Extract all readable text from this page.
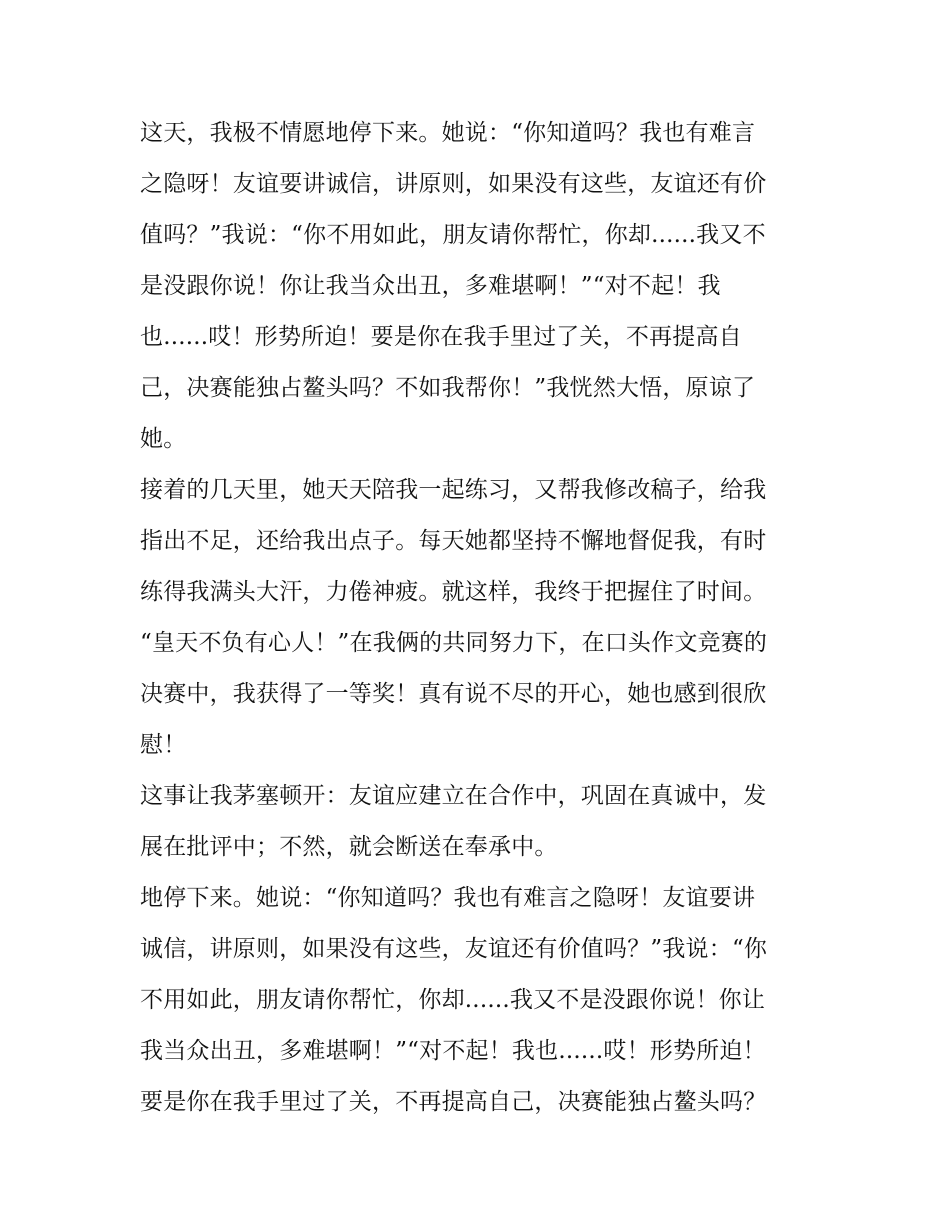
这天，我极不情愿地停下来。她说：“你知道吗？我也有难言
之隐呀！友谊要讲诚信，讲原则，如果没有这些，友谊还有价
值吗？”我说：“你不用如此，朋友请你帮忙，你却......我又不
是没跟你说！你让我当众出丑，多难堪啊！”“对不起！我
也......哎！形势所迫！要是你在我手里过了关，不再提高自
己，决赛能独占鳌头吗？不如我帮你！”我恍然大悟，原谅了
她。
接着的几天里，她天天陪我一起练习，又帮我修改稿子，给我
指出不足，还给我出点子。每天她都坚持不懈地督促我，有时
练得我满头大汗，力倦神疲。就这样，我终于把握住了时间。
“皇天不负有心人！”在我俩的共同努力下，在口头作文竞赛的
决赛中，我获得了一等奖！真有说不尽的开心，她也感到很欣
慰！
这事让我茅塞顿开：友谊应建立在合作中，巩固在真诚中，发
展在批评中；不然，就会断送在奉承中。
地停下来。她说：“你知道吗？我也有难言之隐呀！友谊要讲
诚信，讲原则，如果没有这些，友谊还有价值吗？”我说：“你
不用如此，朋友请你帮忙，你却......我又不是没跟你说！你让
我当众出丑，多难堪啊！”“对不起！我也......哎！形势所迫！
要是你在我手里过了关，不再提高自己，决赛能独占鳌头吗？
